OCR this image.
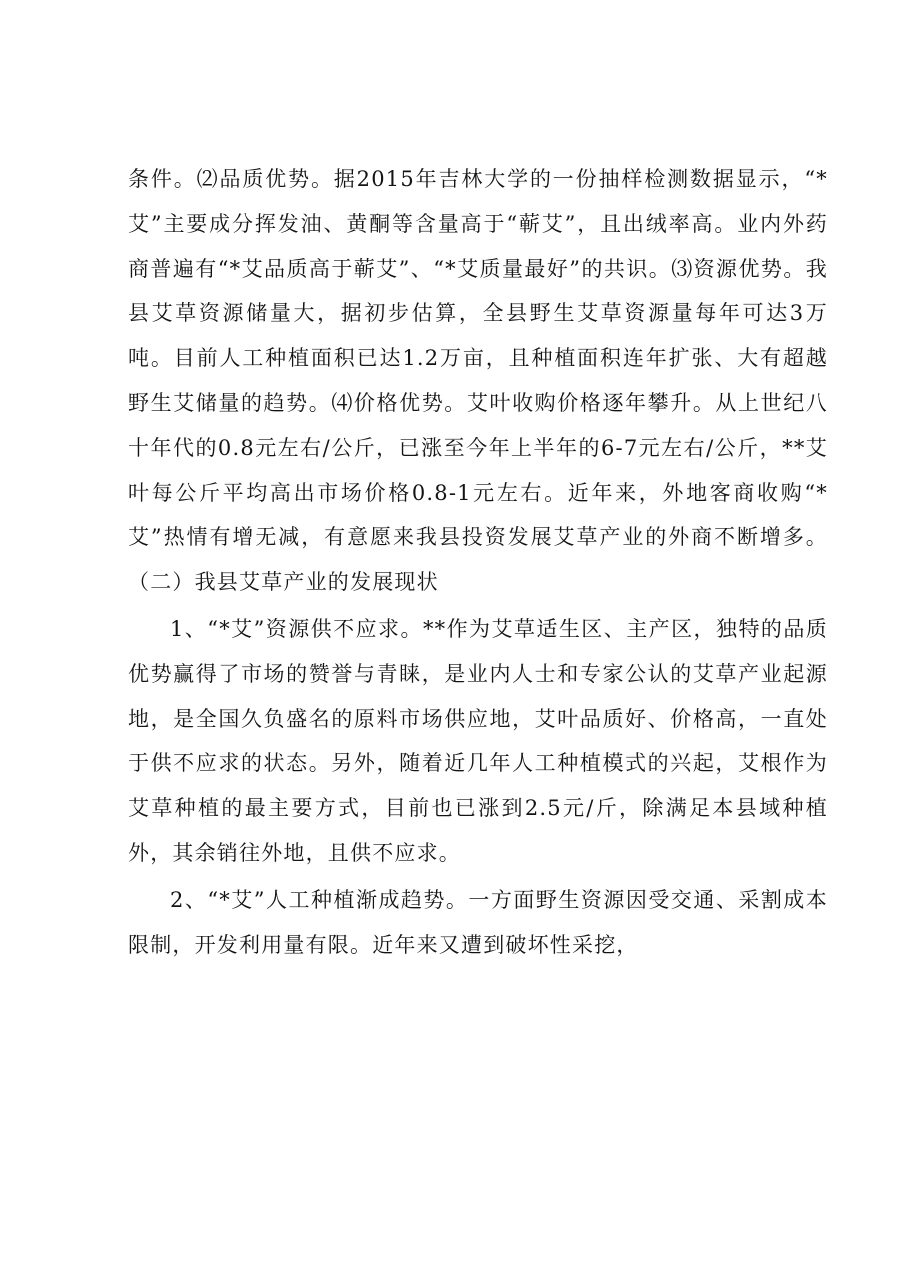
条件。⑵品质优势。据2015年吉林大学的一份抽样检测数据显示，“*艾”主要成分挥发油、黄酮等含量高于“蕲艾”，且出绒率高。业内外药商普遍有“*艾品质高于蕲艾”、“*艾质量最好”的共识。⑶资源优势。我县艾草资源储量大，据初步估算，全县野生艾草资源量每年可达3万吨。目前人工种植面积已达1.2万亩，且种植面积连年扩张、大有超越野生艾储量的趋势。⑷价格优势。艾叶收购价格逐年攀升。从上世纪八十年代的0.8元左右/公斤，已涨至今年上半年的6-7元左右/公斤，**艾叶每公斤平均高出市场价格0.8-1元左右。近年来，外地客商收购“*艾”热情有增无减，有意愿来我县投资发展艾草产业的外商不断增多。（二）我县艾草产业的发展现状

1、“*艾”资源供不应求。**作为艾草适生区、主产区，独特的品质优势赢得了市场的赞誉与青睐，是业内人士和专家公认的艾草产业起源地，是全国久负盛名的原料市场供应地，艾叶品质好、价格高，一直处于供不应求的状态。另外，随着近几年人工种植模式的兴起，艾根作为艾草种植的最主要方式，目前也已涨到2.5元/斤，除满足本县域种植外，其余销往外地，且供不应求。

2、“*艾”人工种植渐成趋势。一方面野生资源因受交通、采割成本限制，开发利用量有限。近年来又遭到破坏性采挖，
